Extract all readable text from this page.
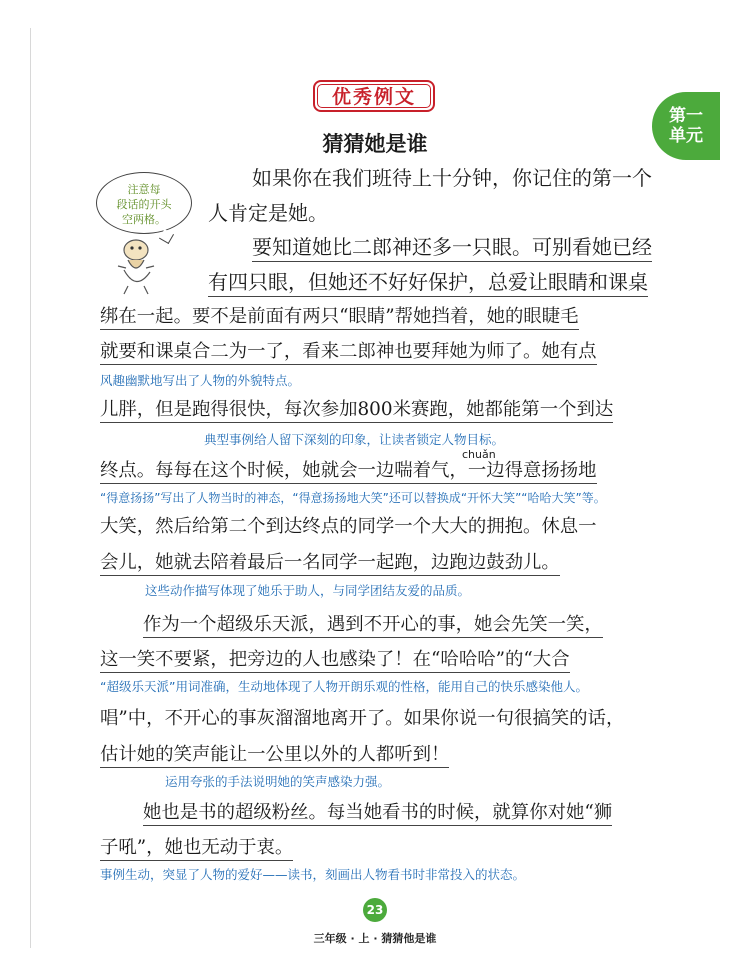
优秀例文
第一
单元
猜猜她是谁
注意每
段话的开头
空两格。
如果你在我们班待上十分钟，你记住的第一个
人肯定是她。
要知道她比二郎神还多一只眼。可别看她已经
有四只眼，但她还不好好保护，总爱让眼睛和课桌
绑在一起。要不是前面有两只“眼睛”帮她挡着，她的眼睫毛
就要和课桌合二为一了，看来二郎神也要拜她为师了。她有点
风趣幽默地写出了人物的外貌特点。
儿胖，但是跑得很快，每次参加800米赛跑，她都能第一个到达
典型事例给人留下深刻的印象，让读者锁定人物目标。
chuǎn
终点。每每在这个时候，她就会一边喘着气，一边得意扬扬地
“得意扬扬”写出了人物当时的神态，“得意扬扬地大笑”还可以替换成“开怀大笑”“哈哈大笑”等。
大笑，然后给第二个到达终点的同学一个大大的拥抱。休息一
会儿，她就去陪着最后一名同学一起跑，边跑边鼓劲儿。
这些动作描写体现了她乐于助人，与同学团结友爱的品质。
作为一个超级乐天派，遇到不开心的事，她会先笑一笑，
这一笑不要紧，把旁边的人也感染了！在“哈哈哈”的“大合
“超级乐天派”用词准确，生动地体现了人物开朗乐观的性格，能用自己的快乐感染他人。
唱”中，不开心的事灰溜溜地离开了。如果你说一句很搞笑的话，
估计她的笑声能让一公里以外的人都听到！
运用夸张的手法说明她的笑声感染力强。
她也是书的超级粉丝。每当她看书的时候，就算你对她“狮
子吼”，她也无动于衷。
事例生动，突显了人物的爱好——读书，刻画出人物看书时非常投入的状态。
23
三年级 · 上 · 猜猜他是谁
